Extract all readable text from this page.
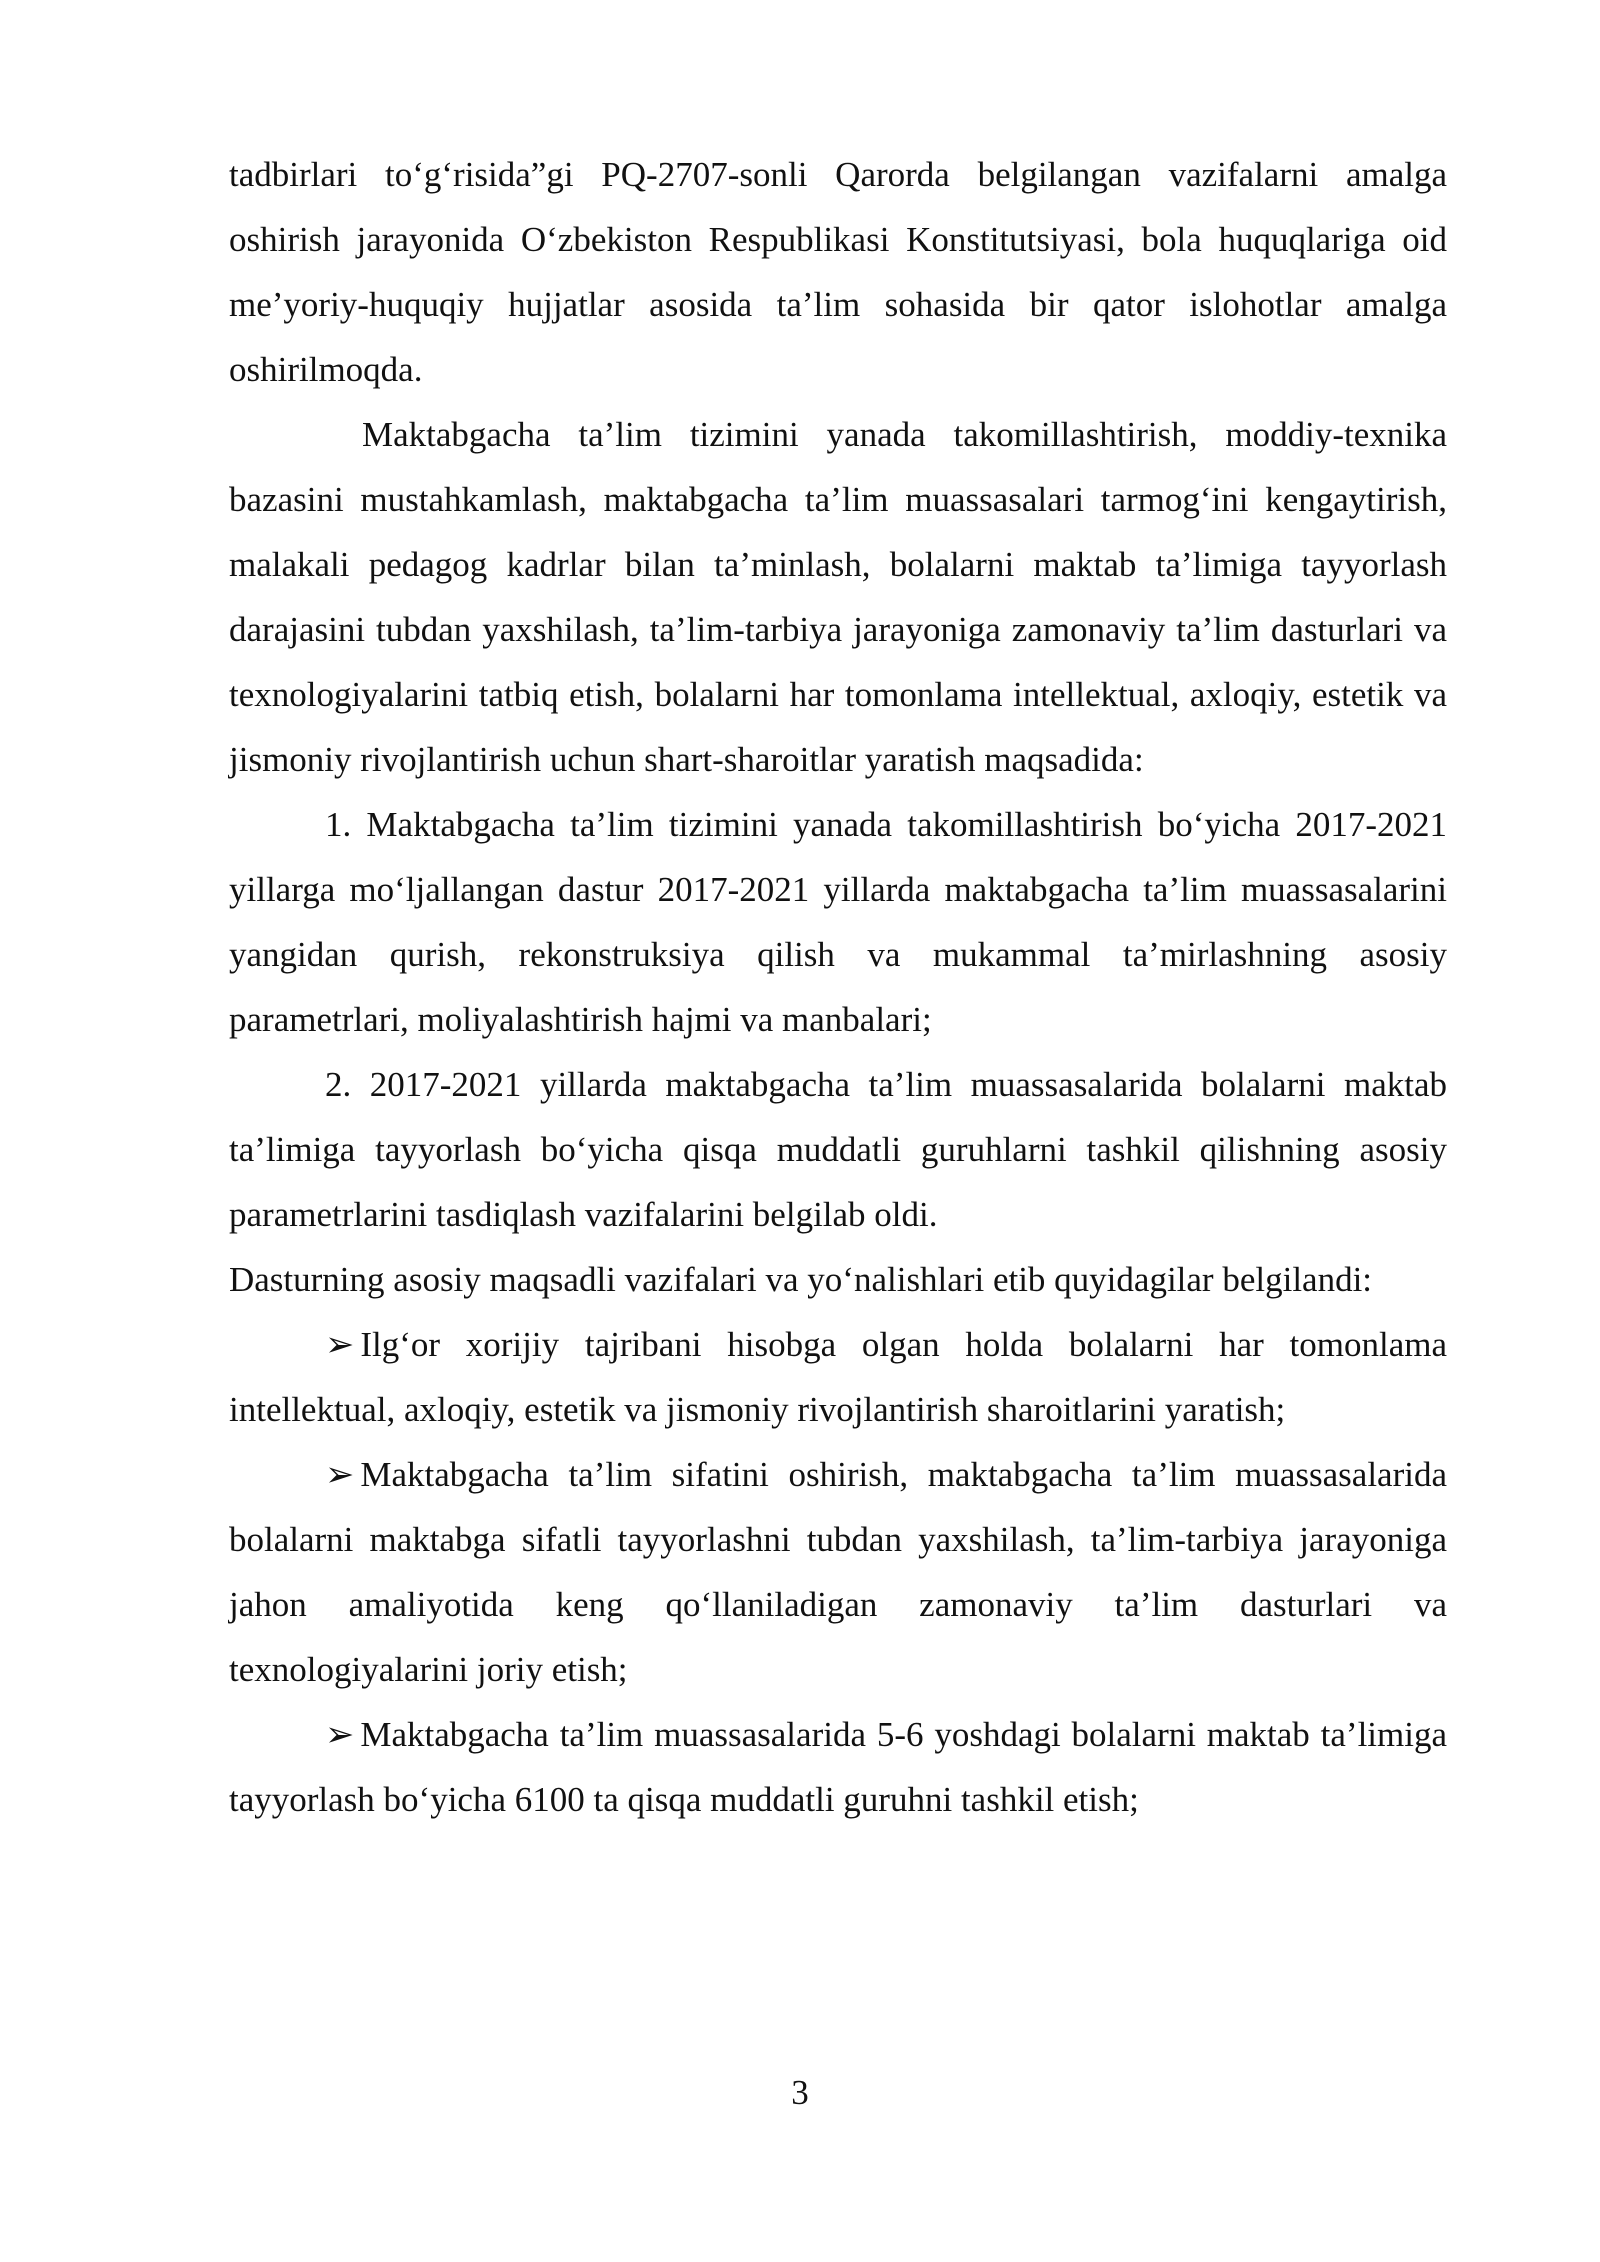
tadbirlari to‘g‘risida”gi PQ-2707-sonli Qarorda belgilangan vazifalarni amalga oshirish jarayonida O‘zbekiston Respublikasi Konstitutsiyasi, bola huquqlariga oid me’yoriy-huquqiy hujjatlar asosida ta’lim sohasida bir qator islohotlar amalga oshirilmoqda.

Maktabgacha ta’lim tizimini yanada takomillashtirish, moddiy-texnika bazasini mustahkamlash, maktabgacha ta’lim muassasalari tarmog‘ini kengaytirish, malakali pedagog kadrlar bilan ta’minlash, bolalarni maktab ta’limiga tayyorlash darajasini tubdan yaxshilash, ta’lim-tarbiya jarayoniga zamonaviy ta’lim dasturlari va texnologiyalarini tatbiq etish, bolalarni har tomonlama intellektual, axloqiy, estetik va jismoniy rivojlantirish uchun shart-sharoitlar yaratish maqsadida:

1. Maktabgacha ta’lim tizimini yanada takomillashtirish bo‘yicha 2017-2021 yillarga mo‘ljallangan dastur 2017-2021 yillarda maktabgacha ta’lim muassasalarini yangidan qurish, rekonstruksiya qilish va mukammal ta’mirlashning asosiy parametrlari, moliyalashtirish hajmi va manbalari;

2. 2017-2021 yillarda maktabgacha ta’lim muassasalarida bolalarni maktab ta’limiga tayyorlash bo‘yicha qisqa muddatli guruhlarni tashkil qilishning asosiy parametrlarini tasdiqlash vazifalarini belgilab oldi.

Dasturning asosiy maqsadli vazifalari va yo‘nalishlari etib quyidagilar belgilandi:

➢ Ilg‘or xorijiy tajribani hisobga olgan holda bolalarni har tomonlama intellektual, axloqiy, estetik va jismoniy rivojlantirish sharoitlarini yaratish;

➢ Maktabgacha ta’lim sifatini oshirish, maktabgacha ta’lim muassasalarida bolalarni maktabga sifatli tayyorlashni tubdan yaxshilash, ta’lim-tarbiya jarayoniga jahon amaliyotida keng qo‘llaniladigan zamonaviy ta’lim dasturlari va texnologiyalarini joriy etish;

➢ Maktabgacha ta’lim muassasalarida 5-6 yoshdagi bolalarni maktab ta’limiga tayyorlash bo‘yicha 6100 ta qisqa muddatli guruhni tashkil etish;

3
